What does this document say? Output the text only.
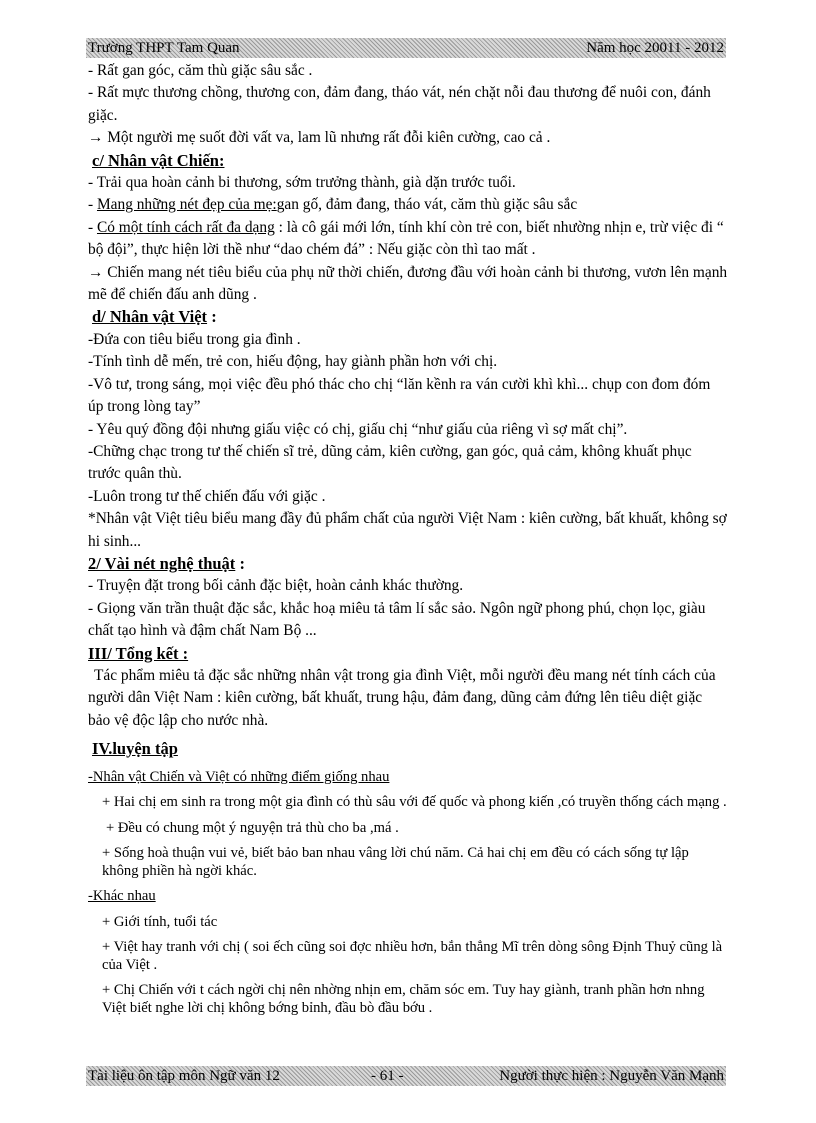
Trường THPT Tam Quan	Năm học 20011 - 2012

- Rất gan góc, căm thù giặc sâu sắc .

- Rất mực thương chồng, thương con, đảm đang, tháo vát, nén chặt nỗi đau thương để nuôi con, đánh giặc.

→ Một người mẹ suốt đời vất va, lam lũ nhưng rất đỗi kiên cường, cao cả .

c/ Nhân vật Chiến:

- Trải qua hoàn cảnh bi thương, sớm trưởng thành, già dặn trước tuổi.

- Mang những nét đẹp của mẹ:gan gố, đảm đang, tháo vát, căm thù giặc sâu sắc

- Có một tính cách rất đa dạng : là cô gái mới lớn, tính khí còn trẻ con, biết nhường nhịn e, trừ việc đi “ bộ đội”, thực hiện lời thề như “dao chém đá” : Nếu giặc còn thì tao mất .

→ Chiến mang nét tiêu biểu của phụ nữ thời chiến, đương đầu với hoàn cảnh bi thương, vươn lên mạnh mẽ để chiến đấu anh dũng .

d/ Nhân vật Việt :

-Đứa con tiêu biểu trong gia đình .

-Tính tình dễ mến, trẻ con, hiếu động, hay giành phần hơn với chị.

-Vô tư, trong sáng, mọi việc đều phó thác cho chị “lăn kềnh ra ván cười khì khì... chụp con đom đóm úp trong lòng tay”

- Yêu quý đồng đội nhưng giấu việc có chị, giấu chị “như giấu của riêng vì sợ mất chị”.

-Chững chạc trong tư thế chiến sĩ trẻ, dũng cảm, kiên cường, gan góc, quả cảm, không khuất phục trước quân thù.

-Luôn trong tư thế chiến đấu với giặc .

*Nhân vật Việt tiêu biểu mang đầy đủ phẩm chất của người Việt Nam : kiên cường, bất khuất, không sợ hi sinh...

2/ Vài nét nghệ thuật :

- Truyện đặt trong bối cảnh đặc biệt, hoàn cảnh khác thường.

- Giọng văn trần thuật đặc sắc, khắc hoạ miêu tả tâm lí sắc sảo. Ngôn ngữ phong phú, chọn lọc, giàu chất tạo hình và đậm chất Nam Bộ ...

III/ Tổng kết :

Tác phẩm miêu tả đặc sắc những nhân vật trong gia đình Việt, mỗi người đều mang nét tính cách của người dân Việt Nam : kiên cường, bất khuất, trung hậu, đảm đang, dũng cảm đứng lên tiêu diệt giặc bảo vệ độc lập cho nước nhà.

IV.luyện tập

-Nhân vật Chiến và Việt có những điểm giống nhau

+ Hai chị em sinh ra trong một gia đình có thù sâu với đế quốc và phong kiến ,có truyền thống cách mạng .

+ Đều có chung một ý nguyện trả thù cho ba ,má .

+ Sống hoà thuận vui vẻ, biết bảo ban nhau vâng lời chú năm. Cả hai chị em đều có cách sống tự lập không phiền hà ngời khác.

-Khác nhau

+ Giới tính, tuổi tác

+ Việt hay tranh với chị ( soi ếch cũng soi đợc nhiều hơn, bắn thẳng Mĩ trên dòng sông Định Thuỷ cũng là của Việt .

+ Chị Chiến với t cách ngời chị nên nhờng nhịn em, chăm sóc em. Tuy hay giành, tranh phần hơn nhng Việt biết nghe lời chị không bớng bỉnh, đầu bò đầu bớu .

Tài liệu ôn tập môn Ngữ văn 12	- 61 -	Người thực hiện : Nguyễn Văn Mạnh
